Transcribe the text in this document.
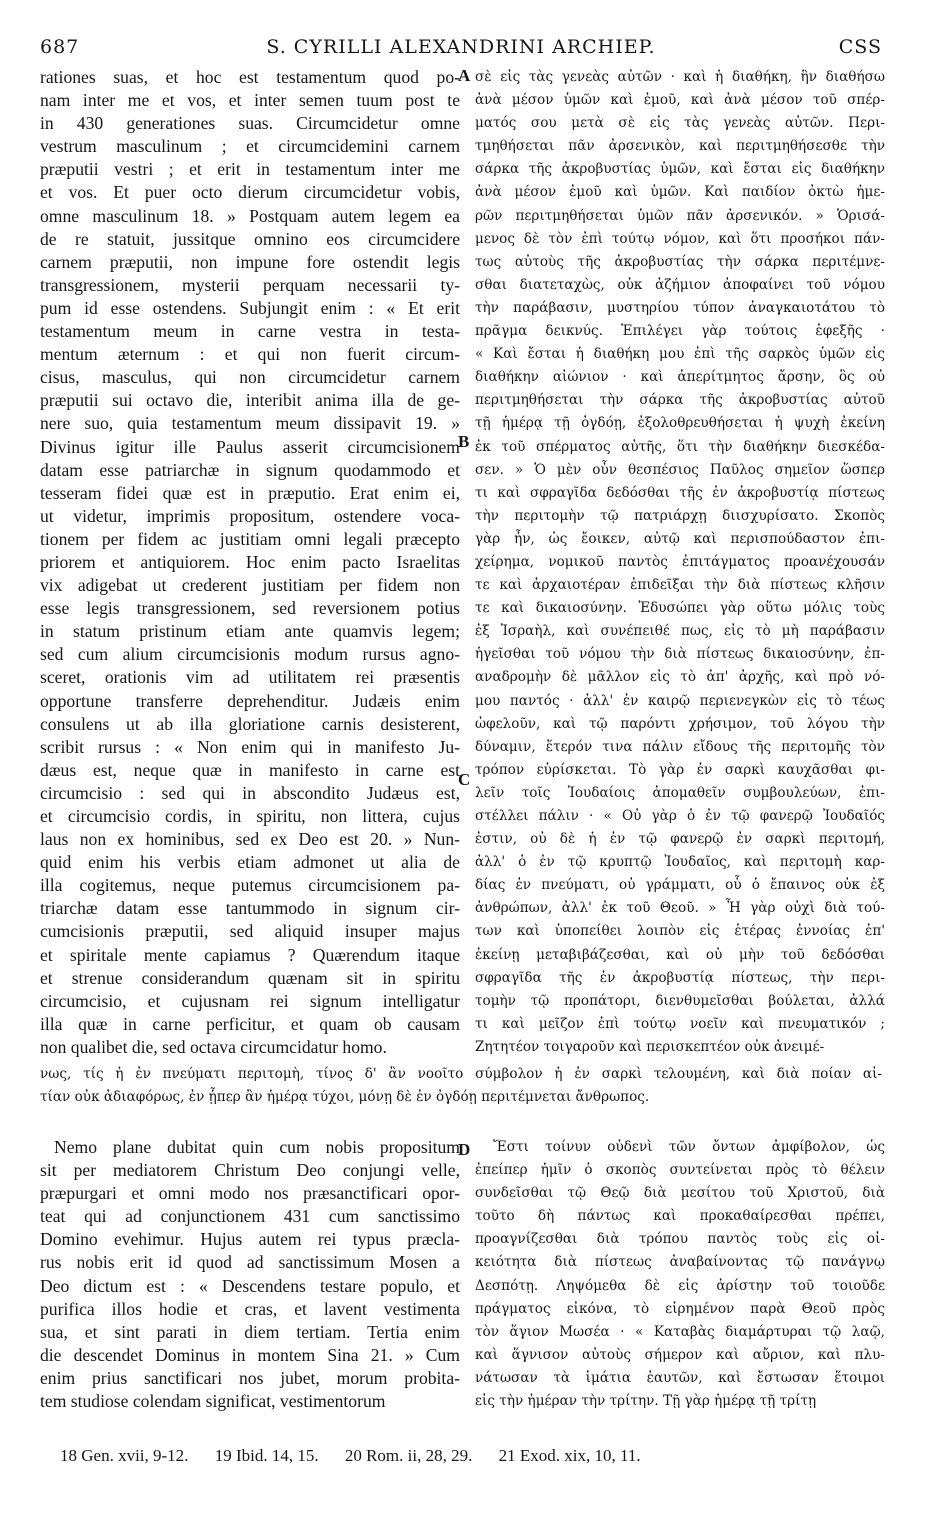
687	S. CYRILLI ALEXANDRINI ARCHIEP.	CSS
A
B
C
D
rationes suas, et hoc est testamentum quod po-
nam inter me et vos, et inter semen tuum post te
in 430 generationes suas. Circumcidetur omne
vestrum masculinum ; et circumcidemini carnem
præputii vestri ; et erit in testamentum inter me
et vos. Et puer octo dierum circumcidetur vobis,
omne masculinum 18. » Postquam autem legem ea
de re statuit, jussitque omnino eos circumcidere
carnem præputii, non impune fore ostendit legis
transgressionem, mysterii perquam necessarii ty-
pum id esse ostendens. Subjungit enim : « Et erit
testamentum meum in carne vestra in testa-
mentum æternum : et qui non fuerit circum-
cisus, masculus, qui non circumcidetur carnem
præputii sui octavo die, interibit anima illa de ge-
nere suo, quia testamentum meum dissipavit 19. »
Divinus igitur ille Paulus asserit circumcisionem
datam esse patriarchæ in signum quodammodo et
tesseram fidei quæ est in præputio. Erat enim ei,
ut videtur, imprimis propositum, ostendere voca-
tionem per fidem ac justitiam omni legali præcepto
priorem et antiquiorem. Hoc enim pacto Israelitas
vix adigebat ut crederent justitiam per fidem non
esse legis transgressionem, sed reversionem potius
in statum pristinum etiam ante quamvis legem;
sed cum alium circumcisionis modum rursus agno-
sceret, orationis vim ad utilitatem rei præsentis
opportune transferre deprehenditur. Judæis enim
consulens ut ab illa gloriatione carnis desisterent,
scribit rursus : « Non enim qui in manifesto Ju-
dæus est, neque quæ in manifesto in carne est
circumcisio : sed qui in abscondito Judæus est,
et circumcisio cordis, in spiritu, non littera, cujus
laus non ex hominibus, sed ex Deo est 20. » Nun-
quid enim his verbis etiam admonet ut alia de
illa cogitemus, neque putemus circumcisionem pa-
triarchæ datam esse tantummodo in signum cir-
cumcisionis præputii, sed aliquid insuper majus
et spiritale mente capiamus ? Quærendum itaque
et strenue considerandum quænam sit in spiritu
circumcisio, et cujusnam rei signum intelligatur
illa quæ in carne perficitur, et quam ob causam
non qualibet die, sed octava circumcidatur homo.
σὲ εἰς τὰς γενεὰς αὐτῶν · καὶ ἡ διαθήκη, ἣν διαθήσω
ἀνὰ μέσον ὑμῶν καὶ ἐμοῦ, καὶ ἀνὰ μέσον τοῦ σπέρ-
ματός σου μετὰ σὲ εἰς τὰς γενεὰς αὐτῶν. Περι-
τμηθήσεται πᾶν ἀρσενικὸν, καὶ περιτμηθήσεσθε τὴν
σάρκα τῆς ἀκροβυστίας ὑμῶν, καὶ ἔσται εἰς διαθήκην
ἀνὰ μέσον ἐμοῦ καὶ ὑμῶν. Καὶ παιδίον ὀκτὼ ἡμε-
ρῶν περιτμηθήσεται ὑμῶν πᾶν ἀρσενικόν. » Ὁρισά-
μενος δὲ τὸν ἐπὶ τούτῳ νόμον, καὶ ὅτι προσήκοι πάν-
τως αὐτοὺς τῆς ἀκροβυστίας τὴν σάρκα περιτέμνε-
σθαι διατεταχὼς, οὐκ ἀζήμιον ἀποφαίνει τοῦ νόμου
τὴν παράβασιν, μυστηρίου τύπον ἀναγκαιοτάτου τὸ
πρᾶγμα δεικνύς. Ἐπιλέγει γὰρ τούτοις ἑφεξῆς ·
« Καὶ ἔσται ἡ διαθήκη μου ἐπὶ τῆς σαρκὸς ὑμῶν εἰς
διαθήκην αἰώνιον · καὶ ἀπερίτμητος ἄρσην, ὃς οὐ
περιτμηθήσεται τὴν σάρκα τῆς ἀκροβυστίας αὐτοῦ
τῇ ἡμέρᾳ τῇ ὀγδόῃ, ἐξολοθρευθήσεται ἡ ψυχὴ ἐκείνη
ἐκ τοῦ σπέρματος αὐτῆς, ὅτι τὴν διαθήκην διεσκέδα-
σεν. » Ὁ μὲν οὖν θεσπέσιος Παῦλος σημεῖον ὥσπερ
τι καὶ σφραγῖδα δεδόσθαι τῆς ἐν ἀκροβυστίᾳ πίστεως
τὴν περιτομὴν τῷ πατριάρχῃ διισχυρίσατο. Σκοπὸς
γὰρ ἦν, ὡς ἔοικεν, αὐτῷ καὶ περισπούδαστον ἐπι-
χείρημα, νομικοῦ παντὸς ἐπιτάγματος προανέχουσάν
τε καὶ ἀρχαιοτέραν ἐπιδεῖξαι τὴν διὰ πίστεως κλῆσιν
τε καὶ δικαιοσύνην. Ἐδυσώπει γὰρ οὕτω μόλις τοὺς
ἐξ Ἰσραὴλ, καὶ συνέπειθέ πως, εἰς τὸ μὴ παράβασιν
ἡγεῖσθαι τοῦ νόμου τὴν διὰ πίστεως δικαιοσύνην, ἐπ-
αναδρομὴν δὲ μᾶλλον εἰς τὸ ἀπ' ἀρχῆς, καὶ πρὸ νό-
μου παντός · ἀλλ' ἐν καιρῷ περιενεγκὼν εἰς τὸ τέως
ὠφελοῦν, καὶ τῷ παρόντι χρήσιμον, τοῦ λόγου τὴν
δύναμιν, ἕτερόν τινα πάλιν εἴδους τῆς περιτομῆς τὸν
τρόπον εὑρίσκεται. Τὸ γὰρ ἐν σαρκὶ καυχᾶσθαι φι-
λεῖν τοῖς Ἰουδαίοις ἀπομαθεῖν συμβουλεύων, ἐπι-
στέλλει πάλιν · « Οὐ γὰρ ὁ ἐν τῷ φανερῷ Ἰουδαῖός
ἐστιν, οὐ δὲ ἡ ἐν τῷ φανερῷ ἐν σαρκὶ περιτομή,
ἀλλ' ὁ ἐν τῷ κρυπτῷ Ἰουδαῖος, καὶ περιτομὴ καρ-
δίας ἐν πνεύματι, οὐ γράμματι, οὗ ὁ ἔπαινος οὐκ ἐξ
ἀνθρώπων, ἀλλ' ἐκ τοῦ Θεοῦ. » Ἦ γὰρ οὐχὶ διὰ τού-
των καὶ ὑποπείθει λοιπὸν εἰς ἑτέρας ἐννοίας ἐπ'
ἐκείνῃ μεταβιβάζεσθαι, καὶ οὐ μὴν τοῦ δεδόσθαι
σφραγῖδα τῆς ἐν ἀκροβυστίᾳ πίστεως, τὴν περι-
τομὴν τῷ προπάτορι, διενθυμεῖσθαι βούλεται, ἀλλά
τι καὶ μεῖζον ἐπὶ τούτῳ νοεῖν καὶ πνευματικόν ;
Ζητητέον τοιγαροῦν καὶ περισκεπτέον οὐκ ἀνειμέ-
νως, τίς ἡ ἐν πνεύματι περιτομὴ, τίνος δ' ἂν νοοῖτο σύμβολον ἡ ἐν σαρκὶ τελουμένη, καὶ διὰ ποίαν αἰ-
τίαν οὐκ ἀδιαφόρως, ἐν ᾗπερ ἂν ἡμέρᾳ τύχοι, μόνῃ δὲ ἐν ὀγδόῃ περιτέμνεται ἄνθρωπος.
Nemo plane dubitat quin cum nobis propositum
sit per mediatorem Christum Deo conjungi velle,
præpurgari et omni modo nos præsanctificari opor-
teat qui ad conjunctionem 431 cum sanctissimo
Domino evehimur. Hujus autem rei typus præcla-
rus nobis erit id quod ad sanctissimum Mosen a
Deo dictum est : « Descendens testare populo, et
purifica illos hodie et cras, et lavent vestimenta
sua, et sint parati in diem tertiam. Tertia enim
die descendet Dominus in montem Sina 21. » Cum
enim prius sanctificari nos jubet, morum probita-
tem studiose colendam significat, vestimentorum
Ἔστι τοίνυν οὐδενὶ τῶν ὄντων ἀμφίβολον, ὡς
ἐπείπερ ἡμῖν ὁ σκοπὸς συντείνεται πρὸς τὸ θέλειν
συνδεῖσθαι τῷ Θεῷ διὰ μεσίτου τοῦ Χριστοῦ, διὰ
τοῦτο δὴ πάντως καὶ προκαθαίρεσθαι πρέπει,
προαγνίζεσθαι διὰ τρόπου παντὸς τοὺς εἰς οἰ-
κειότητα διὰ πίστεως ἀναβαίνοντας τῷ πανάγνῳ
Δεσπότῃ. Ληψόμεθα δὲ εἰς ἀρίστην τοῦ τοιοῦδε
πράγματος εἰκόνα, τὸ εἰρημένον παρὰ Θεοῦ πρὸς
τὸν ἅγιον Μωσέα · « Καταβὰς διαμάρτυραι τῷ λαῷ,
καὶ ἅγνισον αὐτοὺς σήμερον καὶ αὔριον, καὶ πλυ-
νάτωσαν τὰ ἱμάτια ἑαυτῶν, καὶ ἔστωσαν ἕτοιμοι
εἰς τὴν ἡμέραν τὴν τρίτην. Τῇ γὰρ ἡμέρᾳ τῇ τρίτῃ
18 Gen. xvii, 9-12. 19 Ibid. 14, 15. 20 Rom. ii, 28, 29. 21 Exod. xix, 10, 11.
